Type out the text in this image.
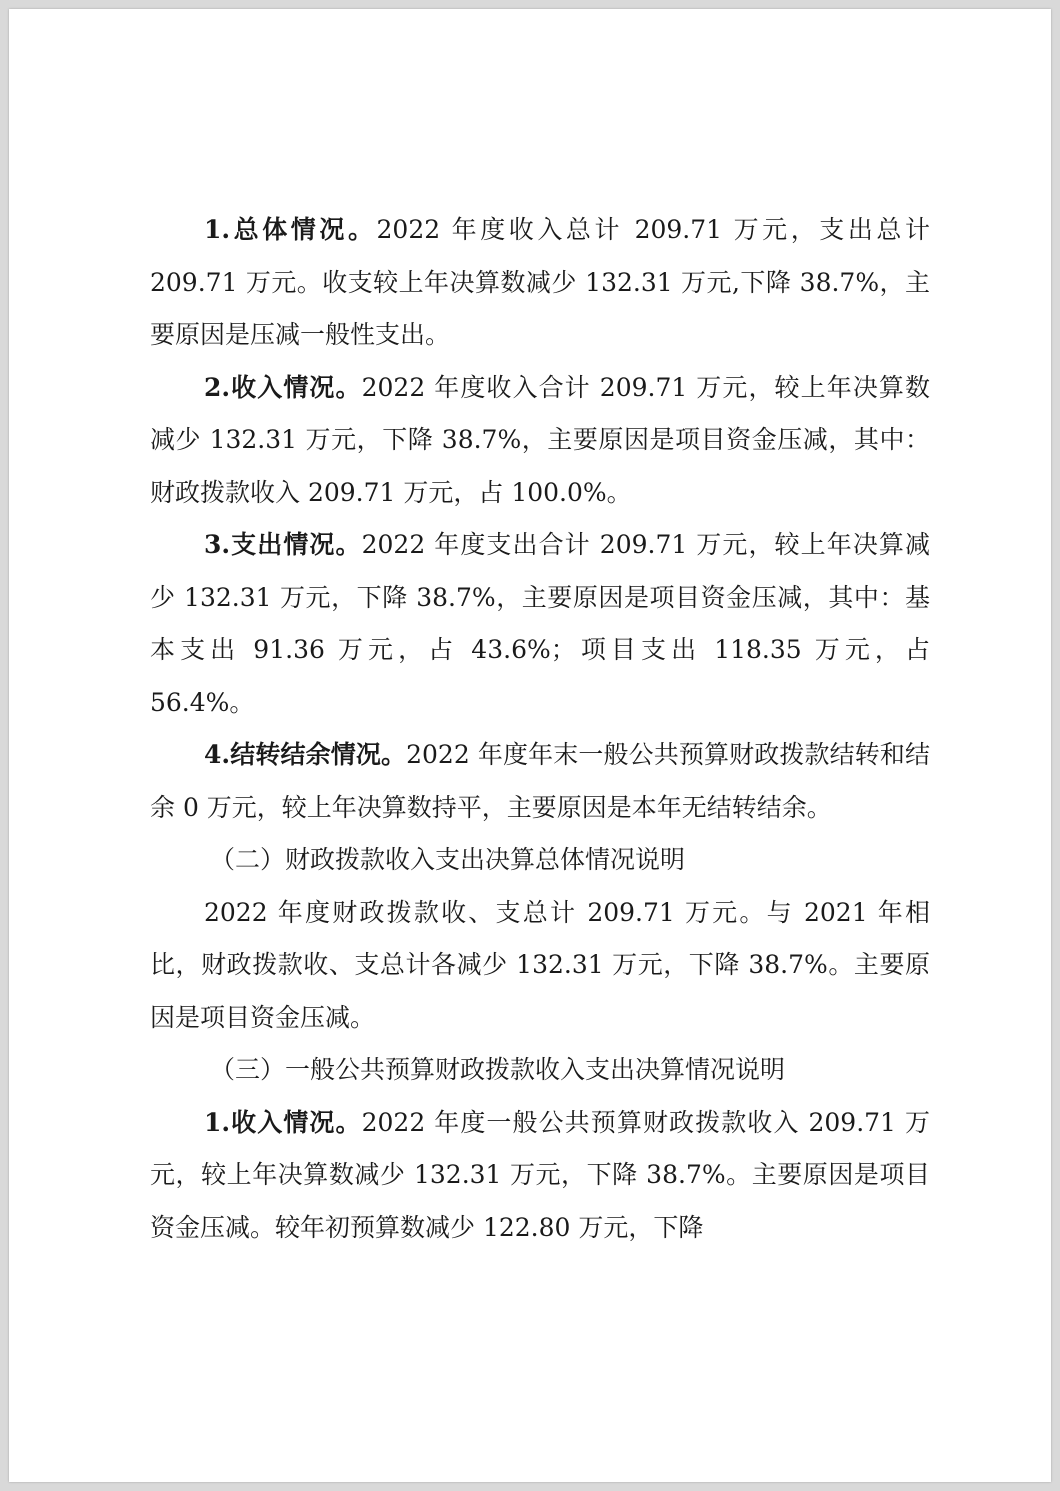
1.总体情况。2022 年度收入总计 209.71 万元，支出总计 209.71 万元。收支较上年决算数减少 132.31 万元,下降 38.7%，主要原因是压减一般性支出。

2.收入情况。2022 年度收入合计 209.71 万元，较上年决算数减少 132.31 万元，下降 38.7%，主要原因是项目资金压减，其中：财政拨款收入 209.71 万元，占 100.0%。

3.支出情况。2022 年度支出合计 209.71 万元，较上年决算减少 132.31 万元，下降 38.7%，主要原因是项目资金压减，其中：基本支出 91.36 万元，占 43.6%；项目支出 118.35 万元，占 56.4%。

4.结转结余情况。2022 年度年末一般公共预算财政拨款结转和结余 0 万元，较上年决算数持平，主要原因是本年无结转结余。

（二）财政拨款收入支出决算总体情况说明

2022 年度财政拨款收、支总计 209.71 万元。与 2021 年相比，财政拨款收、支总计各减少 132.31 万元，下降 38.7%。主要原因是项目资金压减。

（三）一般公共预算财政拨款收入支出决算情况说明

1.收入情况。2022 年度一般公共预算财政拨款收入 209.71 万元，较上年决算数减少 132.31 万元，下降 38.7%。主要原因是项目资金压减。较年初预算数减少 122.80 万元，下降
